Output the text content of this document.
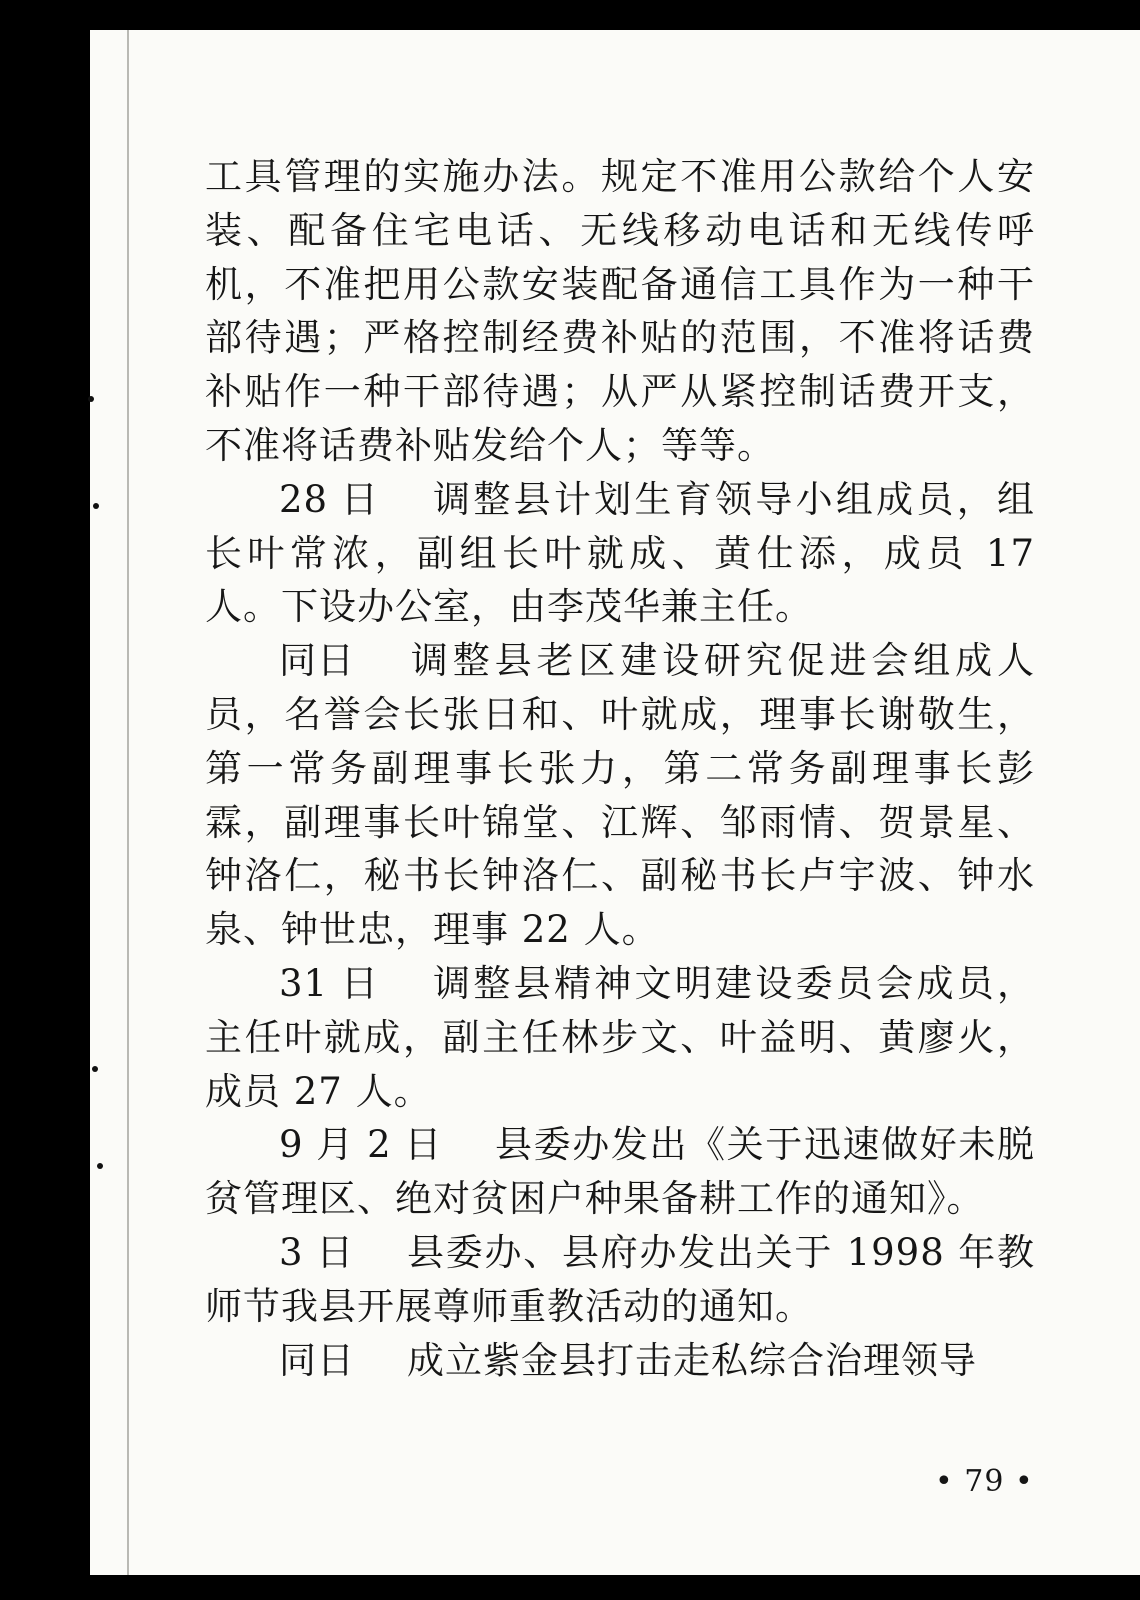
工具管理的实施办法。规定不准用公款给个人安装、配备住宅电话、无线移动电话和无线传呼机，不准把用公款安装配备通信工具作为一种干部待遇；严格控制经费补贴的范围，不准将话费补贴作一种干部待遇；从严从紧控制话费开支，不准将话费补贴发给个人；等等。

28 日 调整县计划生育领导小组成员，组长叶常浓，副组长叶就成、黄仕添，成员 17 人。下设办公室，由李茂华兼主任。

同日 调整县老区建设研究促进会组成人员，名誉会长张日和、叶就成，理事长谢敬生，第一常务副理事长张力，第二常务副理事长彭霖，副理事长叶锦堂、江辉、邹雨情、贺景星、钟洛仁，秘书长钟洛仁、副秘书长卢宇波、钟水泉、钟世忠，理事 22 人。

31 日 调整县精神文明建设委员会成员，主任叶就成，副主任林步文、叶益明、黄廖火，成员 27 人。

9 月 2 日 县委办发出《关于迅速做好未脱贫管理区、绝对贫困户种果备耕工作的通知》。

3 日 县委办、县府办发出关于 1998 年教师节我县开展尊师重教活动的通知。

同日 成立紫金县打击走私综合治理领导

• 79 •
